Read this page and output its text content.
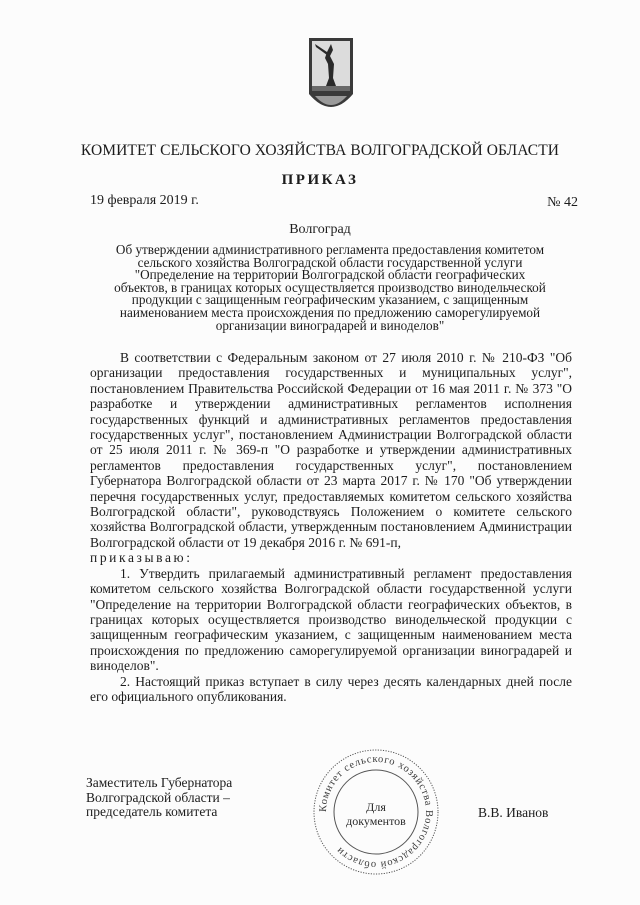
КОМИТЕТ СЕЛЬСКОГО ХОЗЯЙСТВА ВОЛГОГРАДСКОЙ ОБЛАСТИ
ПРИКАЗ
19 февраля 2019 г.	№ 42
Волгоград
Об утверждении административного регламента предоставления комитетом
сельского хозяйства Волгоградской области государственной услуги
"Определение на территории Волгоградской области географических
объектов, в границах которых осуществляется производство винодельческой
продукции с защищенным географическим указанием, с защищенным
наименованием места происхождения по предложению саморегулируемой
организации виноградарей и виноделов"

В соответствии с Федеральным законом от 27 июля 2010 г. № 210-ФЗ "Об организации предоставления государственных и муниципальных услуг", постановлением Правительства Российской Федерации от 16 мая 2011 г. № 373 "О разработке и утверждении административных регламентов исполнения государственных функций и административных регламентов предоставления государственных услуг", постановлением Администрации Волгоградской области от 25 июля 2011 г. № 369-п "О разработке и утверждении административных регламентов предоставления государственных услуг", постановлением Губернатора Волгоградской области от 23 марта 2017 г. № 170 "Об утверждении перечня государственных услуг, предоставляемых комитетом сельского хозяйства Волгоградской области", руководствуясь Положением о комитете сельского хозяйства Волгоградской области, утвержденным постановлением Администрации Волгоградской области от 19 декабря 2016 г. № 691-п,

приказываю:

1. Утвердить прилагаемый административный регламент предоставления комитетом сельского хозяйства Волгоградской области государственной услуги "Определение на территории Волгоградской области географических объектов, в границах которых осуществляется производство винодельческой продукции с защищенным географическим указанием, с защищенным наименованием места происхождения по предложению саморегулируемой организации виноградарей и виноделов".

2. Настоящий приказ вступает в силу через десять календарных дней после его официального опубликования.

Заместитель Губернатора
Волгоградской области –
председатель комитета	Комитет сельского хозяйства Волгоградской области
Для
документов
В.В. Иванов
